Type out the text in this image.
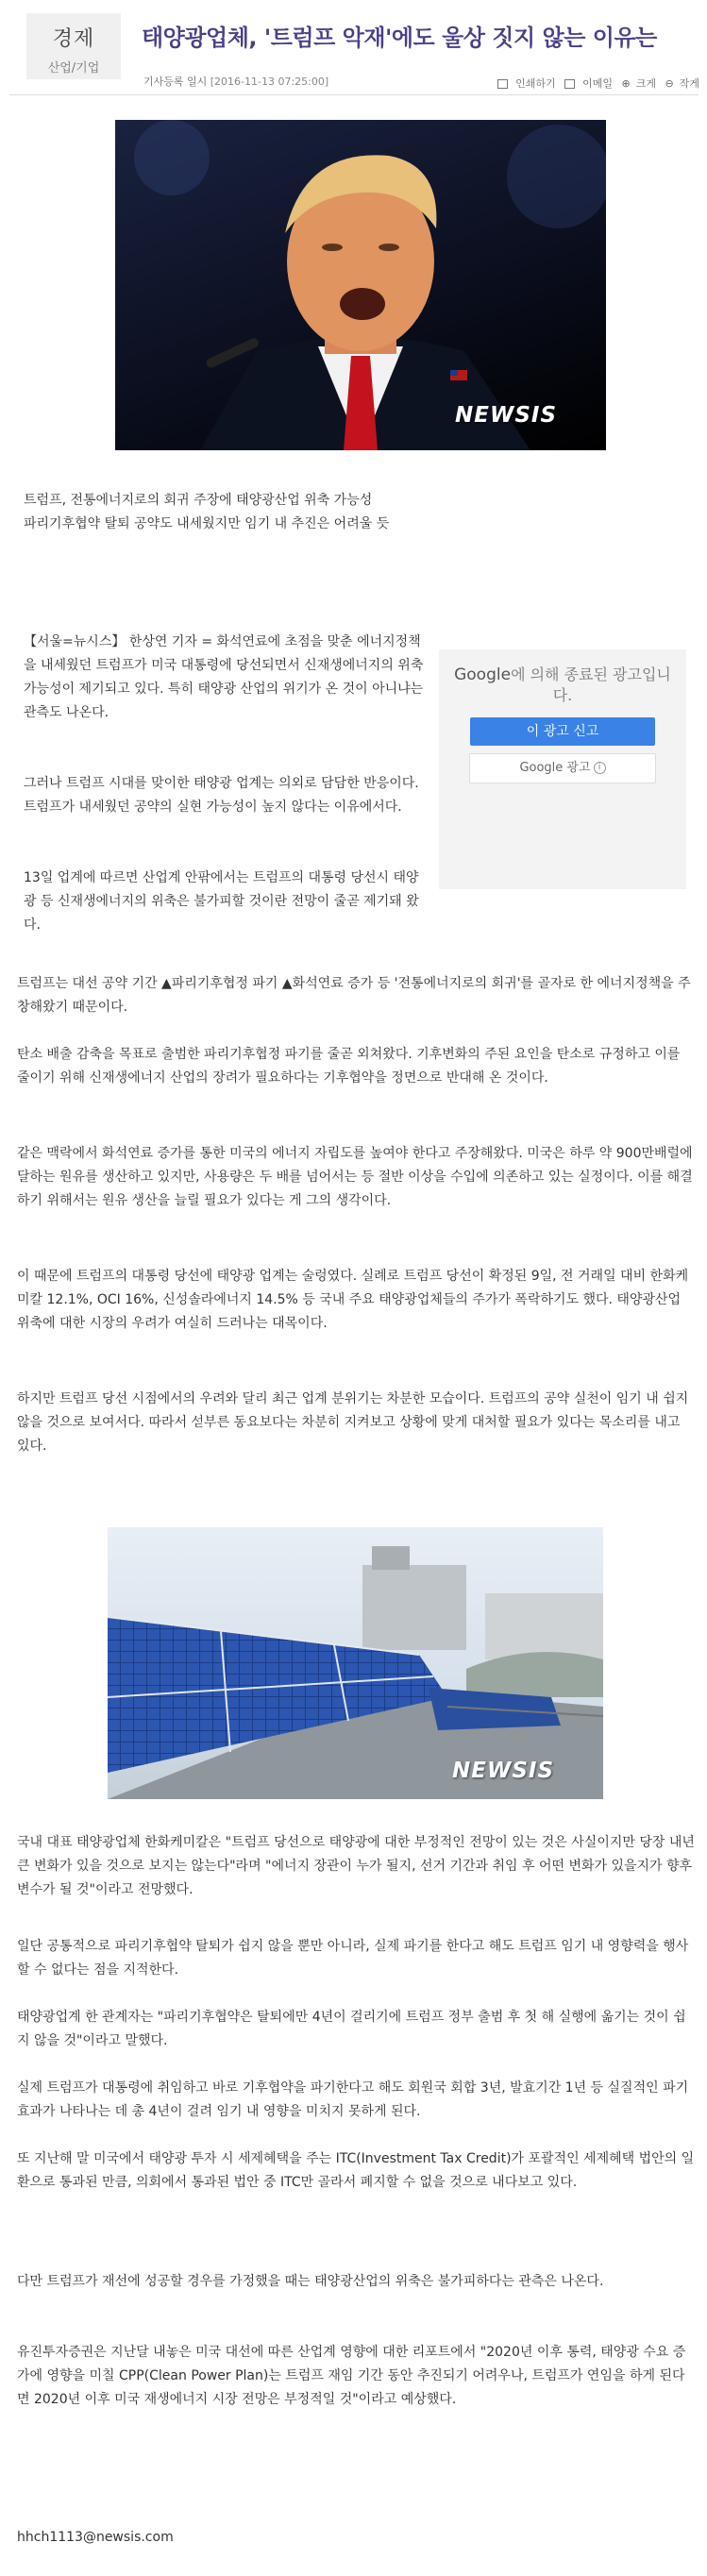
경제
산업/기업
태양광업체, '트럼프 악재'에도 울상 짓지 않는 이유는
기사등록 일시 [2016-11-13 07:25:00]	인쇄하기	이메일 ⊕ 크게 ⊖ 작게
NEWSIS

트럼프, 전통에너지로의 회귀 주장에 태양광산업 위축 가능성

파리기후협약 탈퇴 공약도 내세웠지만 임기 내 추진은 어려울 듯

Google에 의해 종료된 광고입니다.
이 광고 신고
Google 광고 i

【서울=뉴시스】 한상연 기자 = 화석연료에 초점을 맞춘 에너지정책을 내세웠던 트럼프가 미국 대통령에 당선되면서 신재생에너지의 위축 가능성이 제기되고 있다. 특히 태양광 산업의 위기가 온 것이 아니냐는 관측도 나온다.

그러나 트럼프 시대를 맞이한 태양광 업계는 의외로 담담한 반응이다. 트럼프가 내세웠던 공약의 실현 가능성이 높지 않다는 이유에서다.

13일 업계에 따르면 산업계 안팎에서는 트럼프의 대통령 당선시 태양광 등 신재생에너지의 위축은 불가피할 것이란 전망이 줄곧 제기돼 왔다.

트럼프는 대선 공약 기간 ▲파리기후협정 파기 ▲화석연료 증가 등 '전통에너지로의 회귀'를 골자로 한 에너지정책을 주창해왔기 때문이다.

탄소 배출 감축을 목표로 출범한 파리기후협정 파기를 줄곧 외쳐왔다. 기후변화의 주된 요인을 탄소로 규정하고 이를 줄이기 위해 신재생에너지 산업의 장려가 필요하다는 기후협약을 정면으로 반대해 온 것이다.

같은 맥락에서 화석연료 증가를 통한 미국의 에너지 자립도를 높여야 한다고 주장해왔다. 미국은 하루 약 900만배럴에 달하는 원유를 생산하고 있지만, 사용량은 두 배를 넘어서는 등 절반 이상을 수입에 의존하고 있는 실정이다. 이를 해결하기 위해서는 원유 생산을 늘릴 필요가 있다는 게 그의 생각이다.

이 때문에 트럼프의 대통령 당선에 태양광 업계는 술렁였다. 실례로 트럼프 당선이 확정된 9일, 전 거래일 대비 한화케미칼 12.1%, OCI 16%, 신성솔라에너지 14.5% 등 국내 주요 태양광업체들의 주가가 폭락하기도 했다. 태양광산업 위축에 대한 시장의 우려가 여실히 드러나는 대목이다.

하지만 트럼프 당선 시점에서의 우려와 달리 최근 업계 분위기는 차분한 모습이다. 트럼프의 공약 실천이 임기 내 쉽지 않을 것으로 보여서다. 따라서 섣부른 동요보다는 차분히 지켜보고 상황에 맞게 대처할 필요가 있다는 목소리를 내고 있다.

NEWSIS

국내 대표 태양광업체 한화케미칼은 "트럼프 당선으로 태양광에 대한 부정적인 전망이 있는 것은 사실이지만 당장 내년 큰 변화가 있을 것으로 보지는 않는다"라며 "에너지 장관이 누가 될지, 선거 기간과 취임 후 어떤 변화가 있을지가 향후 변수가 될 것"이라고 전망했다.

일단 공통적으로 파리기후협약 탈퇴가 쉽지 않을 뿐만 아니라, 실제 파기를 한다고 해도 트럼프 임기 내 영향력을 행사할 수 없다는 점을 지적한다.

태양광업계 한 관계자는 "파리기후협약은 탈퇴에만 4년이 걸리기에 트럼프 정부 출범 후 첫 해 실행에 옮기는 것이 쉽지 않을 것"이라고 말했다.

실제 트럼프가 대통령에 취임하고 바로 기후협약을 파기한다고 해도 회원국 회합 3년, 발효기간 1년 등 실질적인 파기 효과가 나타나는 데 총 4년이 걸려 임기 내 영향을 미치지 못하게 된다.

또 지난해 말 미국에서 태양광 투자 시 세제혜택을 주는 ITC(Investment Tax Credit)가 포괄적인 세제혜택 법안의 일환으로 통과된 만큼, 의회에서 통과된 법안 중 ITC만 골라서 폐지할 수 없을 것으로 내다보고 있다.

다만 트럼프가 재선에 성공할 경우를 가정했을 때는 태양광산업의 위축은 불가피하다는 관측은 나온다.

유진투자증권은 지난달 내놓은 미국 대선에 따른 산업계 영향에 대한 리포트에서 "2020년 이후 통력, 태양광 수요 증가에 영향을 미칠 CPP(Clean Power Plan)는 트럼프 재임 기간 동안 추진되기 어려우나, 트럼프가 연임을 하게 된다면 2020년 이후 미국 재생에너지 시장 전망은 부정적일 것"이라고 예상했다.

hhch1113@newsis.com
